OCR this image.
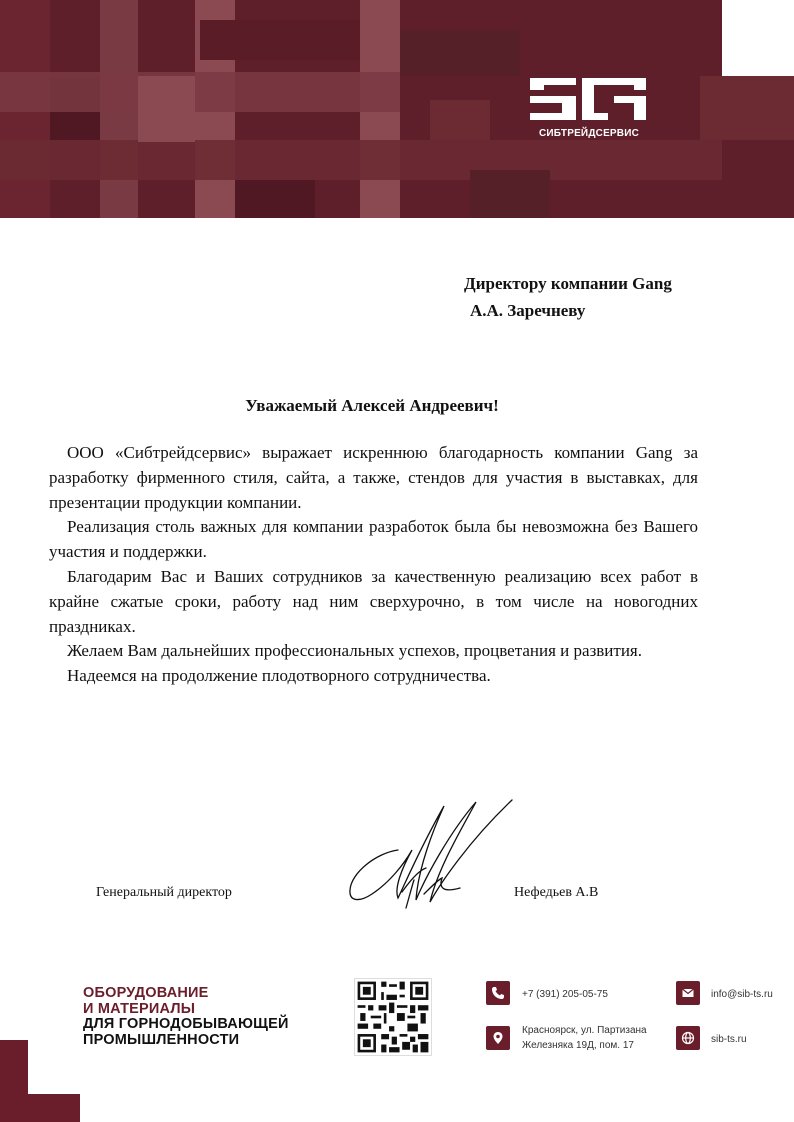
СИБТРЕЙДСЕРВИС
Директору компании Gang
А.А. Заречневу
Уважаемый Алексей Андреевич!

ООО «Сибтрейдсервис» выражает искреннюю благодарность компании Gang за разработку фирменного стиля, сайта, а также, стендов для участия в выставках, для презентации продукции компании.

Реализация столь важных для компании разработок была бы невозможна без Вашего участия и поддержки.

Благодарим Вас и Ваших сотрудников за качественную реализацию всех работ в крайне сжатые сроки, работу над ним сверхурочно, в том числе на новогодних праздниках.

Желаем Вам дальнейших профессиональных успехов, процветания и развития.

Надеемся на продолжение плодотворного сотрудничества.

Генеральный директор	Нефедьев А.В
ОБОРУДОВАНИЕ
И МАТЕРИАЛЫ
ДЛЯ ГОРНОДОБЫВАЮЩЕЙ
ПРОМЫШЛЕННОСТИ
+7 (391) 205-05-75
Красноярск, ул. Партизана
Железняка 19Д, пом. 17
info@sib-ts.ru
sib-ts.ru
